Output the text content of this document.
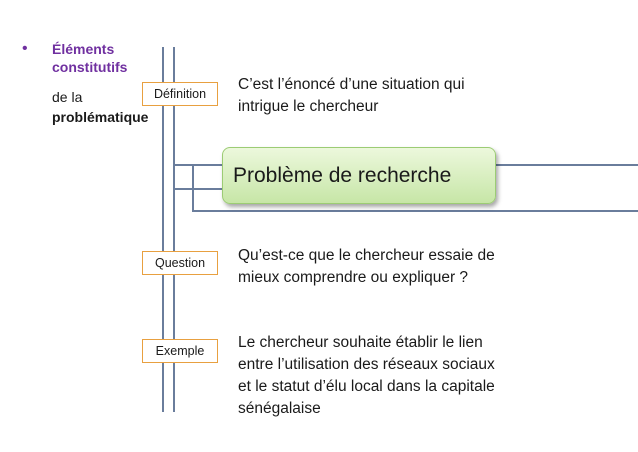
• Éléments
constitutifs
de la
problématique
Problème de recherche
Définition
C’est l’énoncé d’une situation qui
intrigue le chercheur
Question	Qu’est-ce que le chercheur essaie de
mieux comprendre ou expliquer ?
Exemple	Le chercheur souhaite établir le lien
entre l’utilisation des réseaux sociaux
et le statut d’élu local dans la capitale
sénégalaise
